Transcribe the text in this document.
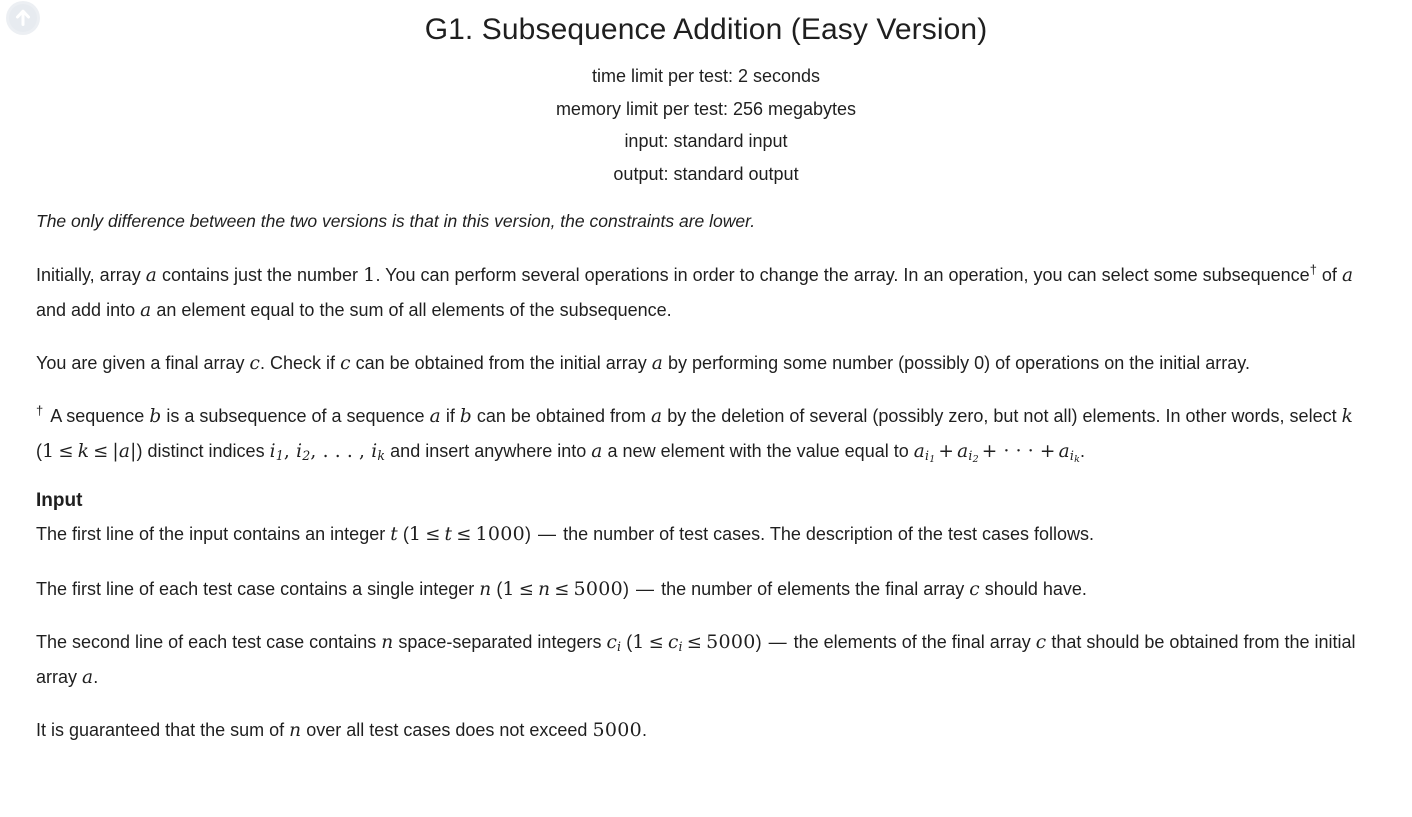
G1. Subsequence Addition (Easy Version)
time limit per test: 2 seconds
memory limit per test: 256 megabytes
input: standard input
output: standard output

The only difference between the two versions is that in this version, the constraints are lower.

Initially, array a contains just the number 1. You can perform several operations in order to change the array. In an operation, you can select some subsequence† of a and add into a an element equal to the sum of all elements of the subsequence.

You are given a final array c. Check if c can be obtained from the initial array a by performing some number (possibly 0) of operations on the initial array.

† A sequence b is a subsequence of a sequence a if b can be obtained from a by the deletion of several (possibly zero, but not all) elements. In other words, select k (1 ≤ k ≤ |a|) distinct indices $i_1$, $i_2$, . . . , $i_k$ and insert anywhere into a a new element with the value equal to $a_{i_1} + a_{i_2}$ + · · · + $a_{i_k}$.

Input

The first line of the input contains an integer t (1 ≤ t ≤ 1000) — the number of test cases. The description of the test cases follows.

The first line of each test case contains a single integer n (1 ≤ n ≤ 5000) — the number of elements the final array c should have.

The second line of each test case contains n space-separated integers $c_i$ $(1 \le c_i \le 5000)$ — the elements of the final array c that should be obtained from the initial array a.

It is guaranteed that the sum of n over all test cases does not exceed 5000.
